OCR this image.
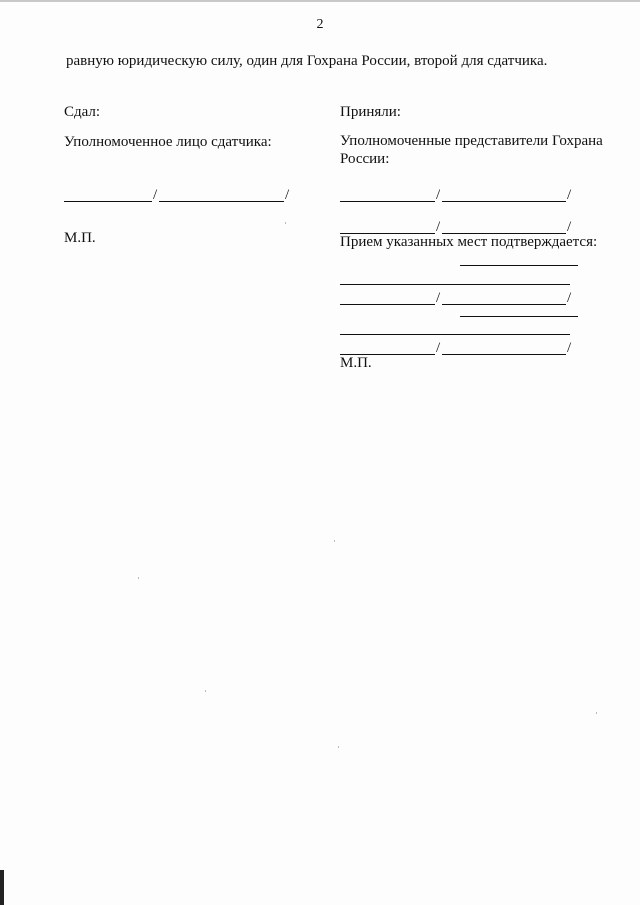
2
равную юридическую силу, один для Гохрана России, второй для сдатчика.
Сдал:
Уполномоченное лицо сдатчика:
/	/
М.П.
Приняли:
Уполномоченные представители Гохрана России:
/	/
/	/
Прием указанных мест подтверждается:
/	/
/	/
М.П.
